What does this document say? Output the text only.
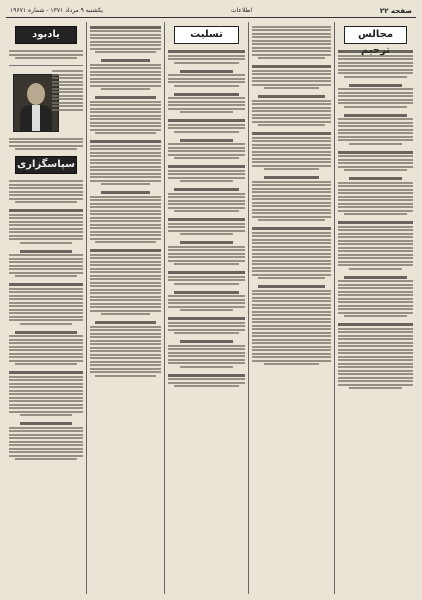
صفحه ۲۲
اطلاعات
یکشنبه ۹ مرداد ۱۳۷۱ - شماره ۱۹۶۷۱
مجالس
تسلیت
یادبود
سپاسگزاری
